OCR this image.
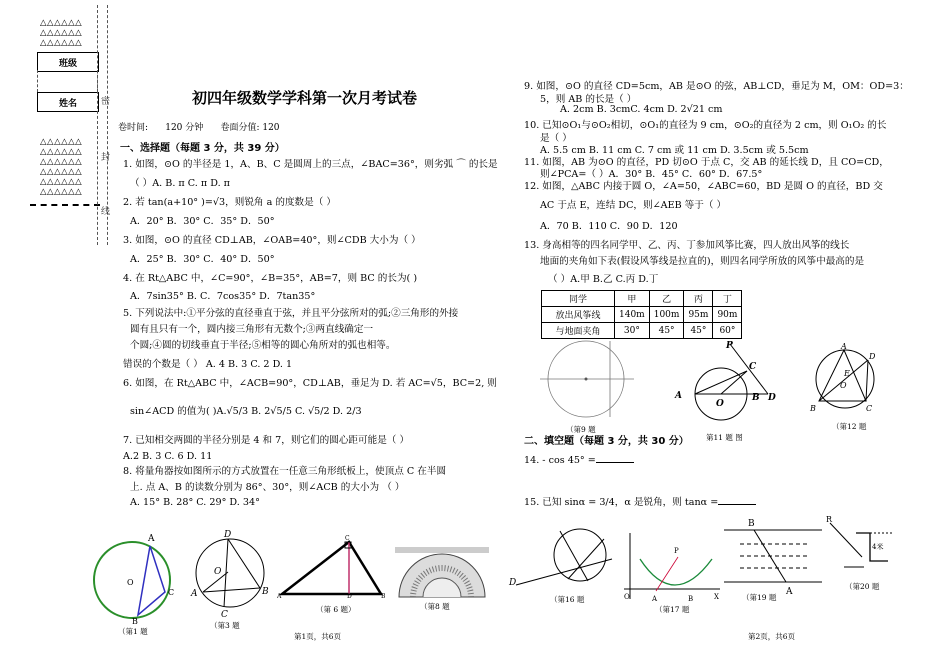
△△△△△△
△△△△△△
△△△△△△
班级
姓名
△△△△△△
△△△△△△
△△△△△△
△△△△△△
△△△△△△
△△△△△△
密
封
线
初四年级数学学科第一次月考试卷
卷时间: 120 分钟 卷面分值: 120
一、选择题（每题 3 分，共 39 分）
1. 如图，⊙O 的半径是 1，A、B、C 是圆周上的三点，∠BAC=36°，则劣弧 ⌒ 的长是
（ ）A. B. π C. π D. π
2. 若 tan(a+10° )=√3，则锐角 a 的度数是（ ）
A．20° B．30° C．35° D．50°
3. 如图，⊙O 的直径 CD⊥AB，∠OAB=40°，则∠CDB 大小为（ ）
A．25° B．30° C．40° D．50°
4. 在 Rt△ABC 中，∠C=90°，∠B=35°，AB=7，则 BC 的长为( )
A．7sin35° B. C．7cos35° D．7tan35°
5. 下列说法中:①平分弦的直径垂直于弦，并且平分弦所对的弧;②三角形的外接
圆有且只有一个，圆内接三角形有无数个;③两直线确定一
个圆;④圆的切线垂直于半径;⑤相等的圆心角所对的弧也相等。
错误的个数是（ ） A. 4 B. 3 C. 2 D. 1
6. 如图，在 Rt△ABC 中，∠ACB=90°，CD⊥AB，垂足为 D. 若 AC=√5，BC=2, 则
sin∠ACD 的值为( )A.√5/3 B. 2√5/5 C. √5/2 D. 2/3
7. 已知相交两圆的半径分别是 4 和 7，则它们的圆心距可能是（ ）
A.2 B. 3 C. 6 D. 11
8. 将量角器按如图所示的方式放置在一任意三角形纸板上，使顶点 C 在半圆
上. 点 A、B 的读数分别为 86°、30°，则∠ACB 的大小为 （ ）
A. 15° B. 28° C. 29° D. 34°
A
O
B
C
（第1 题
D
O
A	B
C
（第3 题
C
A	D	B
（第 6 题）	（第8 题
第1页，共6页
9. 如图，⊙O 的直径 CD=5cm，AB 是⊙O 的弦，AB⊥CD，垂足为 M，OM：OD=3：
5，则 AB 的长是（ ）
A. 2cm B. 3cmC. 4cm D. 2√21 cm
10. 已知⊙O₁与⊙O₂相切，⊙O₁的直径为 9 cm，⊙O₂的直径为 2 cm，则 O₁O₂ 的长
是（ ）
A. 5.5 cm B. 11 cm C. 7 cm 或 11 cm D. 3.5cm 或 5.5cm
11. 如图，AB 为⊙O 的直径，PD 切⊙O 于点 C，交 AB 的延长线 D，且 CO=CD，
则∠PCA=（ ）A．30° B．45° C．60° D．67.5°
12. 如图，△ABC 内接于圆 O，∠A=50，∠ABC=60，BD 是圆 O 的直径，BD 交
AC 于点 E，连结 DC，则∠AEB 等于（ ）
A．70 B．110 C．90 D．120
13. 身高相等的四名同学甲、乙、丙、丁参加风筝比赛，四人放出风筝的线长
地面的夹角如下表(假设风筝线是拉直的)，则四名同学所放的风筝中最高的是
（ ）A.甲 B.乙 C.丙 D.丁
同学	甲	乙	丙	丁
放出风筝线	140m	100m	95m	90m
与地面夹角	30°	45°	45°	60°
（第9 题
P
C
A
O
B D
第11 题 图
A
D
E
O
B	C
（第12 题
二、填空题（每题 3 分，共 30 分）
14. - cos 45° =
15. 已知 sinα = 3/4，α 是锐角，则 tanα =
D
（第16 题
P
A
O	B	X
（第17 题
B
A
（第19 题
R
4米
（第20 题
第2页，共6页
